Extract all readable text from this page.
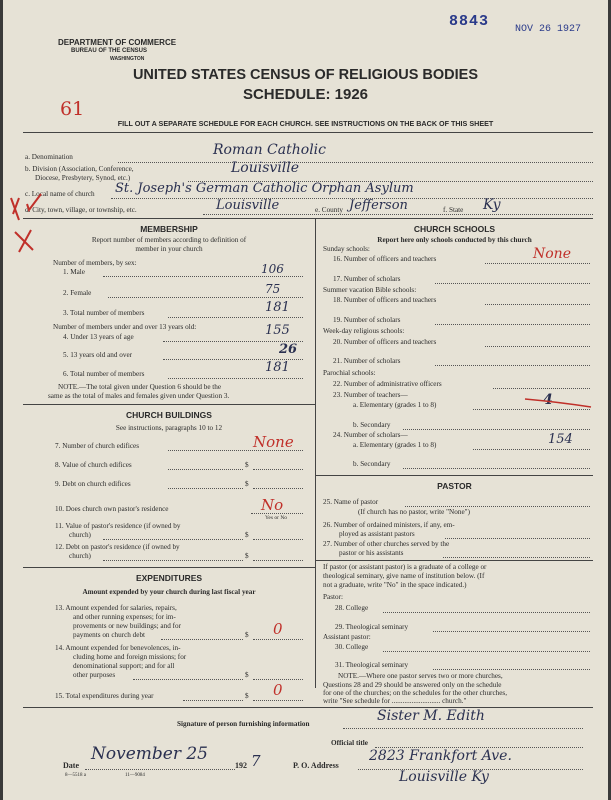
DEPARTMENT OF COMMERCE
BUREAU OF THE CENSUS
WASHINGTON
8843	NOV 26 1927
UNITED STATES CENSUS OF RELIGIOUS BODIES
SCHEDULE: 1926
61
FILL OUT A SEPARATE SCHEDULE FOR EACH CHURCH. SEE INSTRUCTIONS ON THE BACK OF THIS SHEET
a. Denomination	Roman Catholic
b. Division (Association, Conference,
Diocese, Presbytery, Synod, etc.)
Louisville
c. Local name of church St. Joseph's German Catholic Orphan Asylum
d. City, town, village, or township, etc.	Louisville	e. County Jefferson	f. State Ky
MEMBERSHIP
Report number of members according to definition of
member in your church
Number of members, by sex:
1. Male	106
2. Female	75
3. Total number of members	181
Number of members under and over 13 years old:
4. Under 13 years of age	155
5. 13 years old and over	26
6. Total number of members	181
NOTE.—The total given under Question 6 should be the
same as the total of males and females given under Question 3.
CHURCH BUILDINGS
See instructions, paragraphs 10 to 12
7. Number of church edifices	None
8. Value of church edifices	$
9. Debt on church edifices	$
10. Does church own pastor's residence	No
Yes or No
11. Value of pastor's residence (if owned by
church)	$
12. Debt on pastor's residence (if owned by
church)	$
EXPENDITURES
Amount expended by your church during last fiscal year
13. Amount expended for salaries, repairs,
and other running expenses; for im-
provements or new buildings; and for
payments on church debt	$ 0
14. Amount expended for benevolences, in-
cluding home and foreign missions; for
denominational support; and for all
other purposes	$
15. Total expenditures during year	$ 0
CHURCH SCHOOLS
Report here only schools conducted by this church
Sunday schools:
16. Number of officers and teachers	None
17. Number of scholars
Summer vacation Bible schools:
18. Number of officers and teachers
19. Number of scholars
Week-day religious schools:
20. Number of officers and teachers
21. Number of scholars
Parochial schools:
22. Number of administrative officers
23. Number of teachers—
a. Elementary (grades 1 to 8)	4
b. Secondary
24. Number of scholars—
a. Elementary (grades 1 to 8)	154
b. Secondary
PASTOR
25. Name of pastor
(If church has no pastor, write "None")
26. Number of ordained ministers, if any, em-
ployed as assistant pastors
27. Number of other churches served by the
pastor or his assistants
If pastor (or assistant pastor) is a graduate of a college or
theological seminary, give name of institution below. (If
not a graduate, write "No" in the space indicated.)
Pastor:
28. College
29. Theological seminary
Assistant pastor:
30. College
31. Theological seminary
NOTE.—Where one pastor serves two or more churches,
Questions 28 and 29 should be answered only on the schedule
for one of the churches; on the schedules for the other churches,
write "See schedule for ........................... church."
Signature of person furnishing information	Sister M. Edith
Official title
Date
November 25
192 7	P. O. Address
2823 Frankfort Ave.
Louisville Ky
8—5518 a	11—9084
